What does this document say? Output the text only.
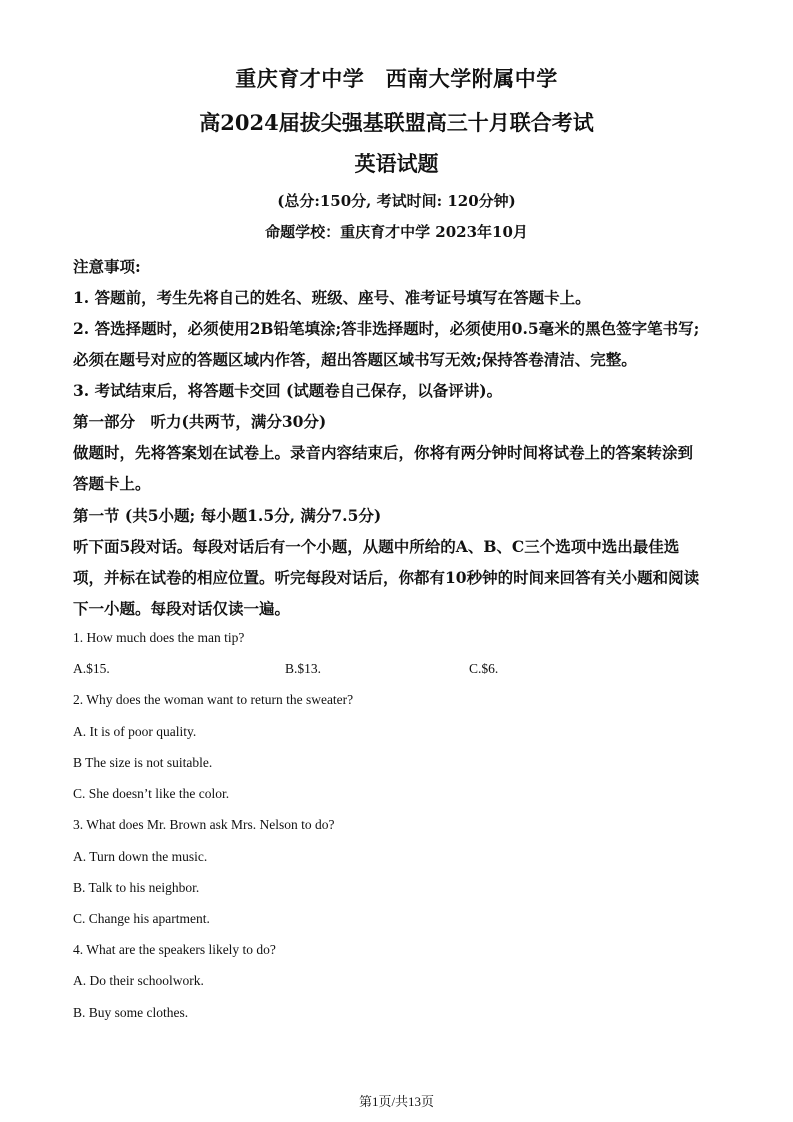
重庆育才中学　西南大学附属中学
高2024届拔尖强基联盟高三十月联合考试
英语试题
(总分:150分, 考试时间: 120分钟)
命题学校：重庆育才中学 2023年10月
注意事项:
1. 答题前，考生先将自己的姓名、班级、座号、准考证号填写在答题卡上。
2. 答选择题时，必须使用2B铅笔填涂;答非选择题时，必须使用0.5毫米的黑色签字笔书写;
必须在题号对应的答题区域内作答，超出答题区域书写无效;保持答卷清洁、完整。
3. 考试结束后，将答题卡交回 (试题卷自己保存，以备评讲)。
第一部分　听力(共两节，满分30分)
做题时，先将答案划在试卷上。录音内容结束后，你将有两分钟时间将试卷上的答案转涂到
答题卡上。
第一节 (共5小题; 每小题1.5分, 满分7.5分)
听下面5段对话。每段对话后有一个小题，从题中所给的A、B、C三个选项中选出最佳选
项，并标在试卷的相应位置。听完每段对话后，你都有10秒钟的时间来回答有关小题和阅读
下一小题。每段对话仅读一遍。
1. How much does the man tip?
A.$15.	B.$13.	C.$6.
2. Why does the woman want to return the sweater?
A. It is of poor quality.
B The size is not suitable.
C. She doesn’t like the color.
3. What does Mr. Brown ask Mrs. Nelson to do?
A. Turn down the music.
B. Talk to his neighbor.
C. Change his apartment.
4. What are the speakers likely to do?
A. Do their schoolwork.
B. Buy some clothes.
第1页/共13页
